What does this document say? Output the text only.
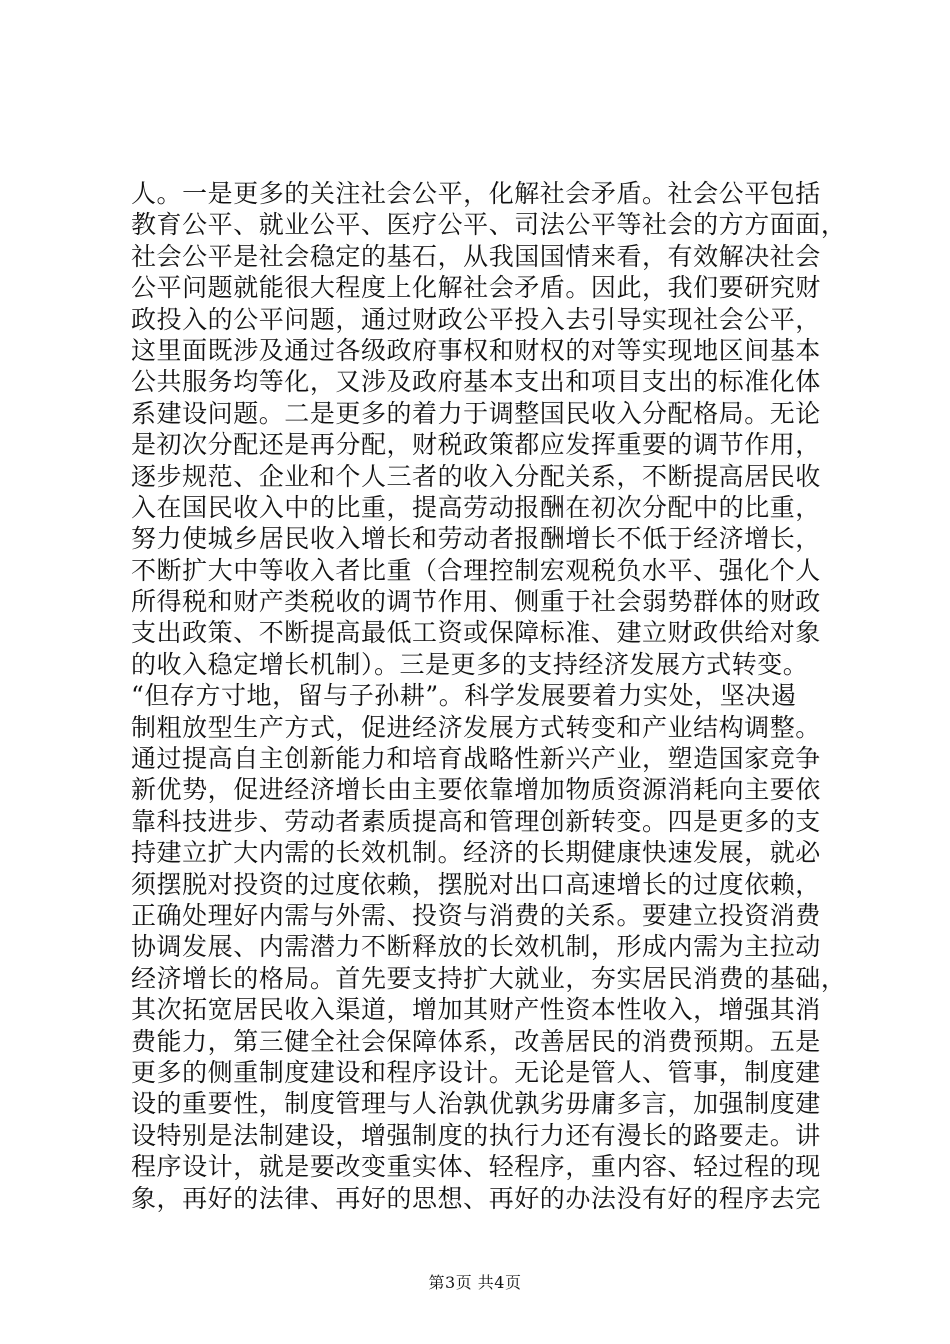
人。一是更多的关注社会公平，化解社会矛盾。社会公平包括
教育公平、就业公平、医疗公平、司法公平等社会的方方面面，
社会公平是社会稳定的基石，从我国国情来看，有效解决社会
公平问题就能很大程度上化解社会矛盾。因此，我们要研究财
政投入的公平问题，通过财政公平投入去引导实现社会公平，
这里面既涉及通过各级政府事权和财权的对等实现地区间基本
公共服务均等化，又涉及政府基本支出和项目支出的标准化体
系建设问题。二是更多的着力于调整国民收入分配格局。无论
是初次分配还是再分配，财税政策都应发挥重要的调节作用，
逐步规范、企业和个人三者的收入分配关系，不断提高居民收
入在国民收入中的比重，提高劳动报酬在初次分配中的比重，
努力使城乡居民收入增长和劳动者报酬增长不低于经济增长，
不断扩大中等收入者比重（合理控制宏观税负水平、强化个人
所得税和财产类税收的调节作用、侧重于社会弱势群体的财政
支出政策、不断提高最低工资或保障标准、建立财政供给对象
的收入稳定增长机制）。三是更多的支持经济发展方式转变。
“但存方寸地，留与子孙耕”。科学发展要着力实处，坚决遏
制粗放型生产方式，促进经济发展方式转变和产业结构调整。
通过提高自主创新能力和培育战略性新兴产业，塑造国家竞争
新优势，促进经济增长由主要依靠增加物质资源消耗向主要依
靠科技进步、劳动者素质提高和管理创新转变。四是更多的支
持建立扩大内需的长效机制。经济的长期健康快速发展，就必
须摆脱对投资的过度依赖，摆脱对出口高速增长的过度依赖，
正确处理好内需与外需、投资与消费的关系。要建立投资消费
协调发展、内需潜力不断释放的长效机制，形成内需为主拉动
经济增长的格局。首先要支持扩大就业，夯实居民消费的基础，
其次拓宽居民收入渠道，增加其财产性资本性收入，增强其消
费能力，第三健全社会保障体系，改善居民的消费预期。五是
更多的侧重制度建设和程序设计。无论是管人、管事，制度建
设的重要性，制度管理与人治孰优孰劣毋庸多言，加强制度建
设特别是法制建设，增强制度的执行力还有漫长的路要走。讲
程序设计，就是要改变重实体、轻程序，重内容、轻过程的现
象，再好的法律、再好的思想、再好的办法没有好的程序去完
第3页 共4页
